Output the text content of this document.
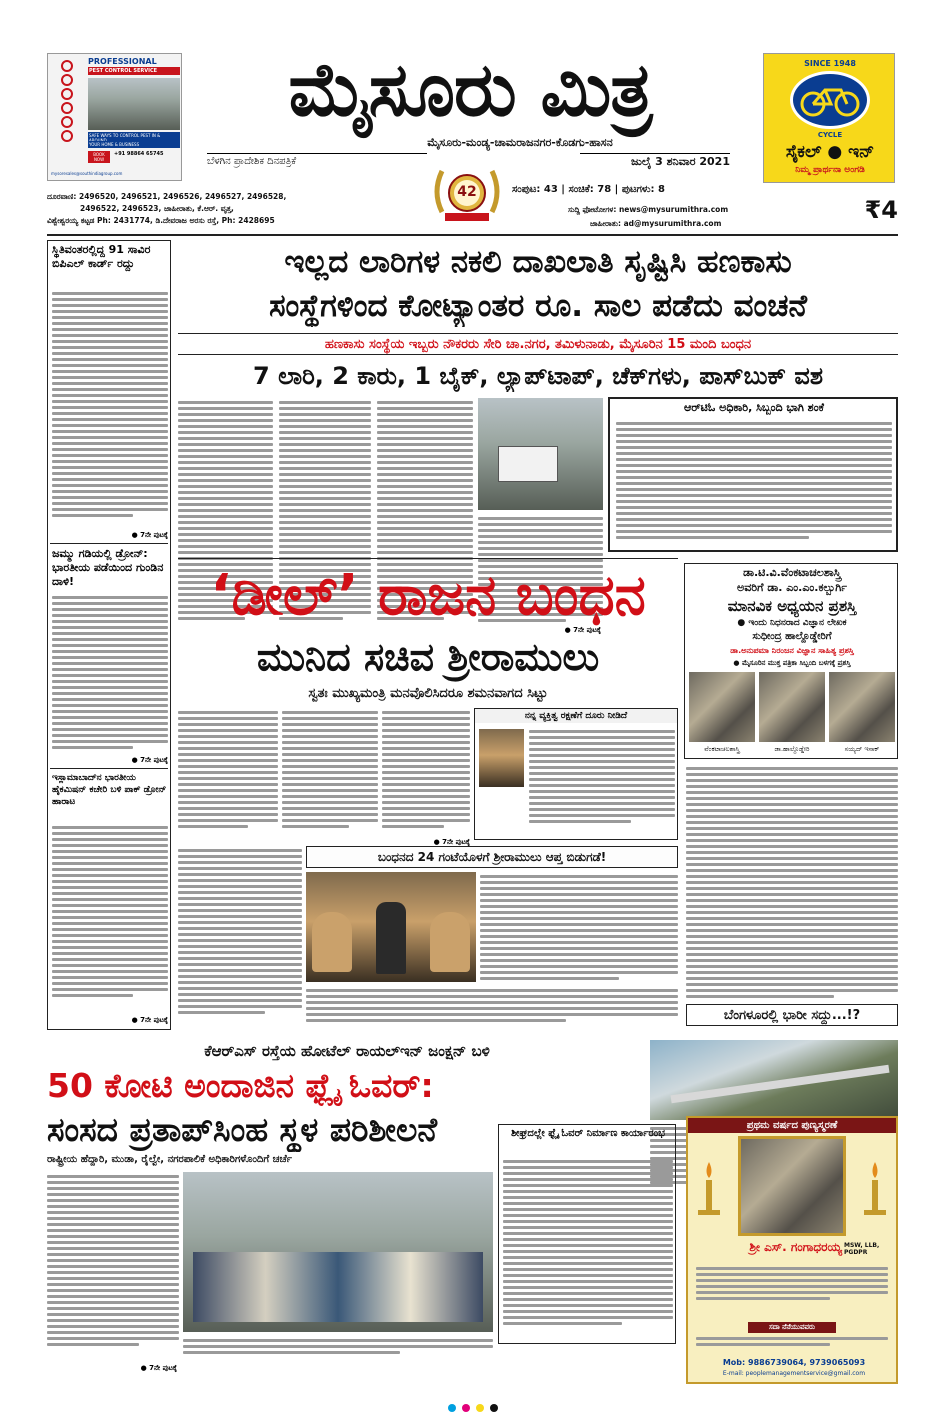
PROFESSIONAL
PEST CONTROL SERVICE
SAFE WAYS TO CONTROL PEST IN &
YOUR HOME & BUSINESS
BOOK NOW
+91 98864 65745
mysoresales@southindiagroup.com
ಮೈಸೂರು ಮಿತ್ರ
ಮೈಸೂರು-ಮಂಡ್ಯ-ಚಾಮರಾಜನಗರ-ಕೊಡಗು-ಹಾಸನ
ಬೆಳಗಿನ ಪ್ರಾದೇಶಿಕ ದಿನಪತ್ರಿಕೆ	ಜುಲೈ 3 ಶನಿವಾರ 2021
42
SINCE 1948
CYCLE
ಸೈಕಲ್ ● ಇನ್
ನಿಮ್ಮ ಪ್ರಾರ್ಥನಾ ಅಂಗಡಿ
ದೂರವಾಣಿ: 2496520, 2496521, 2496526, 2496527, 2496528,
2496522, 2496523, ಜಾಹೀರಾತು, ಕೆ.ಆರ್. ವೃತ್ತ,
ವಿಶ್ವೇಶ್ವರಯ್ಯ ಕಟ್ಟಡ Ph: 2431774, ಡಿ.ದೇವರಾಜ ಅರಸು ರಸ್ತೆ, Ph: 2428695
ಸಂಪುಟ: 43 | ಸಂಚಿಕೆ: 78 | ಪುಟಗಳು: 8
ಸುದ್ದಿ ಫೋಟೋಗಳ: news@mysurumithra.com
ಜಾಹೀರಾತು: ad@mysurumithra.com	₹4
ಸ್ಥಿತಿವಂತರಲ್ಲಿದ್ದ 91 ಸಾವಿರ ಬಿಪಿಎಲ್ ಕಾರ್ಡ್ ರದ್ದು
● 7ನೇ ಪುಟಕ್ಕೆ
ಜಮ್ಮು ಗಡಿಯಲ್ಲಿ ಡ್ರೋನ್: ಭಾರತೀಯ ಪಡೆಯಿಂದ ಗುಂಡಿನ ದಾಳಿ!
● 7ನೇ ಪುಟಕ್ಕೆ
ಇಸ್ಲಾಮಾಬಾದ್‌ನ ಭಾರತೀಯ ಹೈಕಮಿಷನ್ ಕಚೇರಿ ಬಳಿ ಪಾಕ್ ಡ್ರೋನ್ ಹಾರಾಟ
● 7ನೇ ಪುಟಕ್ಕೆ
ಇಲ್ಲದ ಲಾರಿಗಳ ನಕಲಿ ದಾಖಲಾತಿ ಸೃಷ್ಟಿಸಿ ಹಣಕಾಸು
ಸಂಸ್ಥೆಗಳಿಂದ ಕೋಟ್ಯಾಂತರ ರೂ. ಸಾಲ ಪಡೆದು ವಂಚನೆ
ಹಣಕಾಸು ಸಂಸ್ಥೆಯ ಇಬ್ಬರು ನೌಕರರು ಸೇರಿ ಚಾ.ನಗರ, ತಮಿಳುನಾಡು, ಮೈಸೂರಿನ 15 ಮಂದಿ ಬಂಧನ
7 ಲಾರಿ, 2 ಕಾರು, 1 ಬೈಕ್, ಲ್ಯಾಪ್‌ಟಾಪ್, ಚೆಕ್‌ಗಳು, ಪಾಸ್‌ಬುಕ್ ವಶ
● 7ನೇ ಪುಟಕ್ಕೆ
ಆರ್‌ಟಿಓ ಅಧಿಕಾರಿ, ಸಿಬ್ಬಂದಿ ಭಾಗಿ ಶಂಕೆ
‘ಡೀಲ್’ ರಾಜನ ಬಂಧನ
ಮುನಿದ ಸಚಿವ ಶ್ರೀರಾಮುಲು
ಸ್ವತಃ ಮುಖ್ಯಮಂತ್ರಿ ಮನವೊಲಿಸಿದರೂ ಶಮನವಾಗದ ಸಿಟ್ಟು
ನನ್ನ ವ್ಯಕ್ತಿತ್ವ ರಕ್ಷಣೆಗೆ ದೂರು ನೀಡಿದೆ
● 7ನೇ ಪುಟಕ್ಕೆ
ಬಂಧನದ 24 ಗಂಟೆಯೊಳಗೆ ಶ್ರೀರಾಮುಲು ಆಪ್ತ ಬಿಡುಗಡೆ!
ಡಾ.ಟಿ.ವಿ.ವೆಂಕಟಾಚಲಶಾಸ್ತ್ರಿ
ಅವರಿಗೆ ಡಾ. ಎಂ.ಎಂ.ಕಲ್ಬುರ್ಗಿ
ಮಾನವಿಕ ಅಧ್ಯಯನ ಪ್ರಶಸ್ತಿ
● ಇಂದು ನಿಧನರಾದ ವಿಜ್ಞಾನ ಲೇಖಕ
ಸುಧೀಂದ್ರ ಹಾಲ್ದೊಡ್ಡೇರಿಗೆ
ಡಾ.ಅನುಪಮಾ ನಿರಂಜನ ವಿಜ್ಞಾನ ಸಾಹಿತ್ಯ ಪ್ರಶಸ್ತಿ
● ಮೈಸೂರಿನ ಮುಕ್ತ ಪತ್ರಿಕಾ ಸಿಬ್ಬಂದಿ ಬಳಗಕ್ಕೆ ಪ್ರಶಸ್ತಿ
ವೆಂಕಟಾಚಲಶಾಸ್ತ್ರಿ	ಡಾ.ಹಾಲ್ದೊಡ್ಡೇರಿ	ಸಯ್ಯದ್ ಇಸಾಕ್
ಬೆಂಗಳೂರಲ್ಲಿ ಭಾರೀ ಸದ್ದು...!?
ಕೆಆರ್‌ಎಸ್ ರಸ್ತೆಯ ಹೋಟೆಲ್ ರಾಯಲ್‌ಇನ್ ಜಂಕ್ಷನ್ ಬಳಿ
50 ಕೋಟಿ ಅಂದಾಜಿನ ಫ್ಲೈ ಓವರ್:
ಸಂಸದ ಪ್ರತಾಪ್‌ಸಿಂಹ ಸ್ಥಳ ಪರಿಶೀಲನೆ
ರಾಷ್ಟ್ರೀಯ ಹೆದ್ದಾರಿ, ಮುಡಾ, ರೈಲ್ವೇ, ನಗರಪಾಲಿಕೆ ಅಧಿಕಾರಿಗಳೊಂದಿಗೆ ಚರ್ಚೆ
● 7ನೇ ಪುಟಕ್ಕೆ
ಶೀಘ್ರದಲ್ಲೇ ಫ್ಲೈ ಓವರ್ ನಿರ್ಮಾಣ ಕಾರ್ಯಾರಂಭ
ಪ್ರಥಮ ವರ್ಷದ ಪುಣ್ಯಸ್ಮರಣೆ
ಶ್ರೀ ಎಸ್. ಗಂಗಾಧರಯ್ಯ MSW, LLB, PGDPR
ಸದಾ ನೆನೆಯುವವರು
Mob: 9886739064, 9739065093
E-mail: peoplemanagementservice@gmail.com
